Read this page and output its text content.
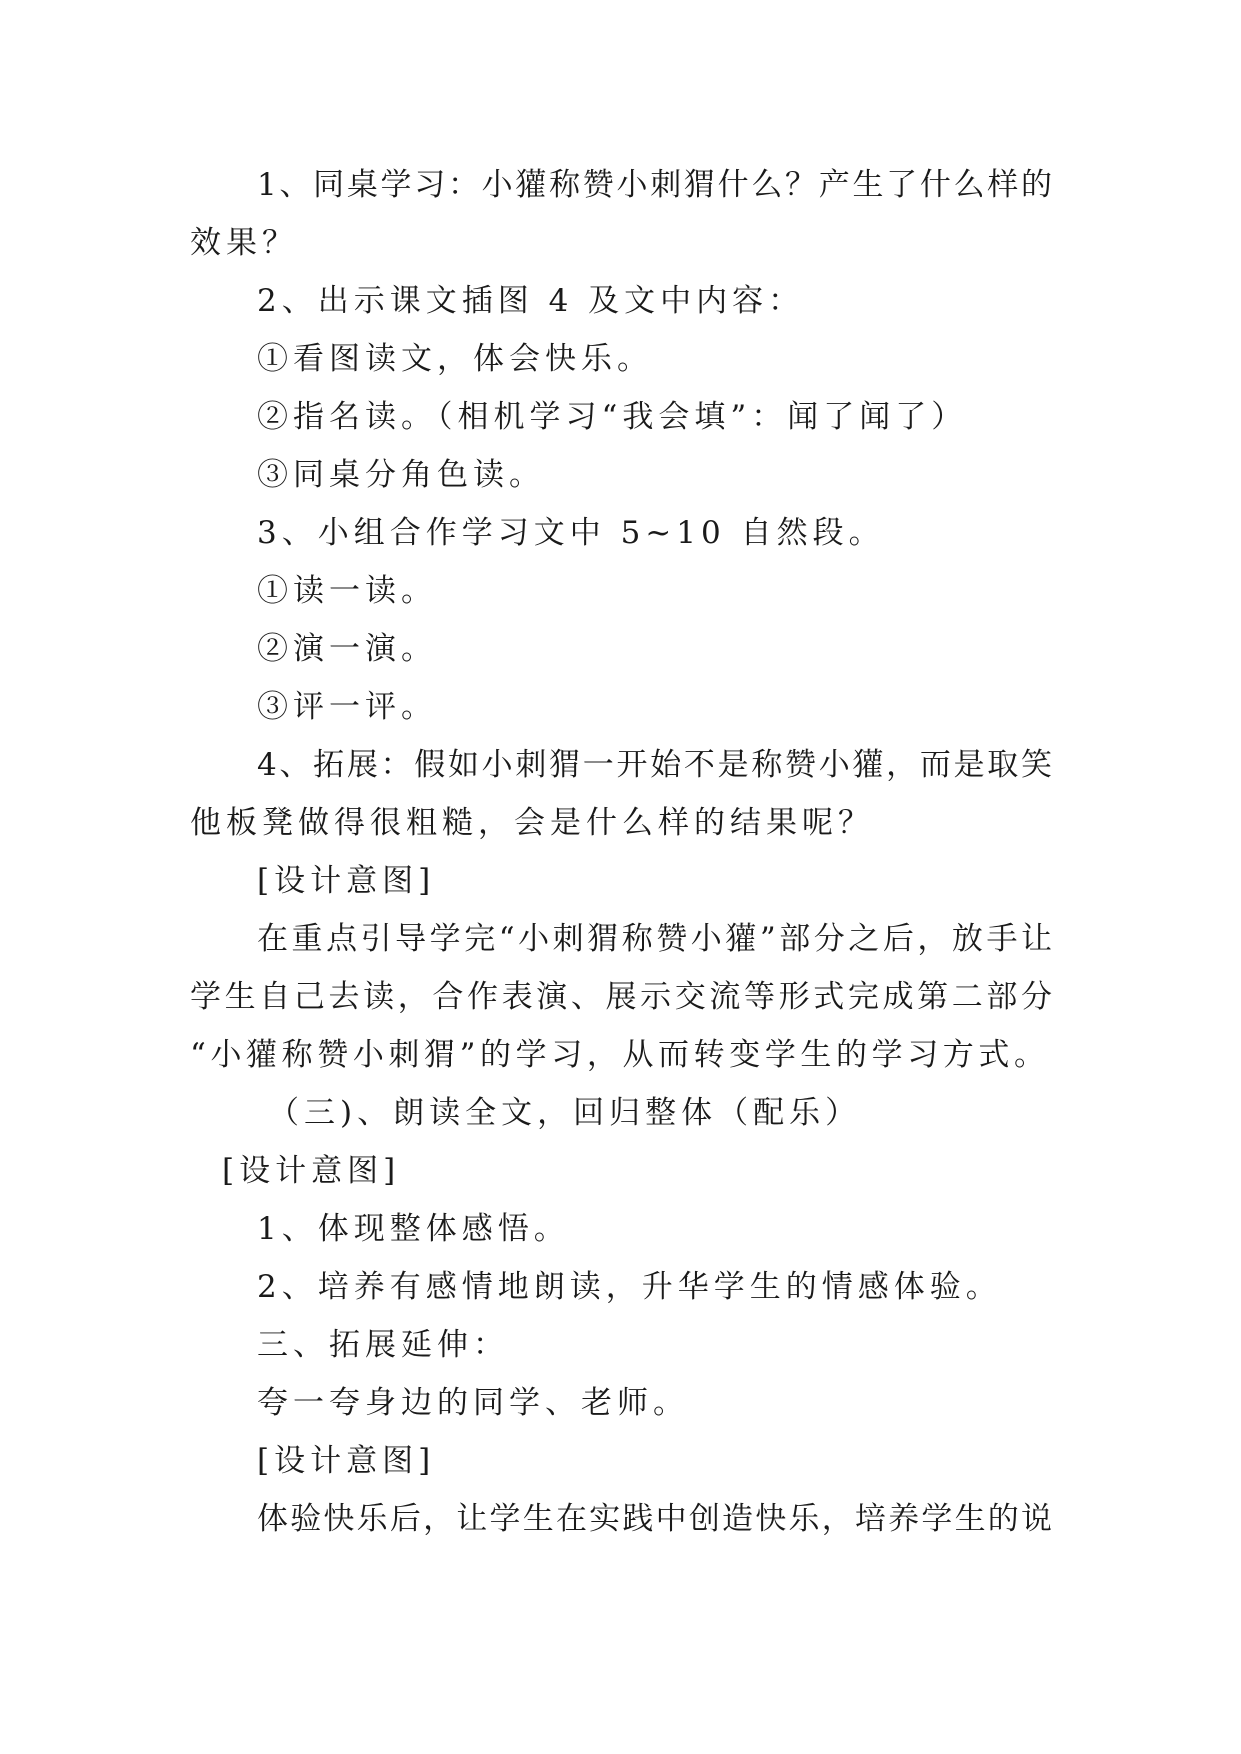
1、同桌学习：小獾称赞小刺猬什么？产生了什么样的
效果？
2、出示课文插图 4 及文中内容：
①看图读文，体会快乐。
②指名读。（相机学习“我会填”：闻了闻了）
③同桌分角色读。
3、小组合作学习文中 5~10 自然段。
①读一读。
②演一演。
③评一评。
4、拓展：假如小刺猬一开始不是称赞小獾，而是取笑
他板凳做得很粗糙，会是什么样的结果呢？
[设计意图]
在重点引导学完“小刺猬称赞小獾”部分之后，放手让
学生自己去读，合作表演、展示交流等形式完成第二部分
“小獾称赞小刺猬”的学习，从而转变学生的学习方式。
（三)、朗读全文，回归整体（配乐）
[设计意图]
1、体现整体感悟。
2、培养有感情地朗读，升华学生的情感体验。
三、拓展延伸：
夸一夸身边的同学、老师。
[设计意图]
体验快乐后，让学生在实践中创造快乐，培养学生的说
